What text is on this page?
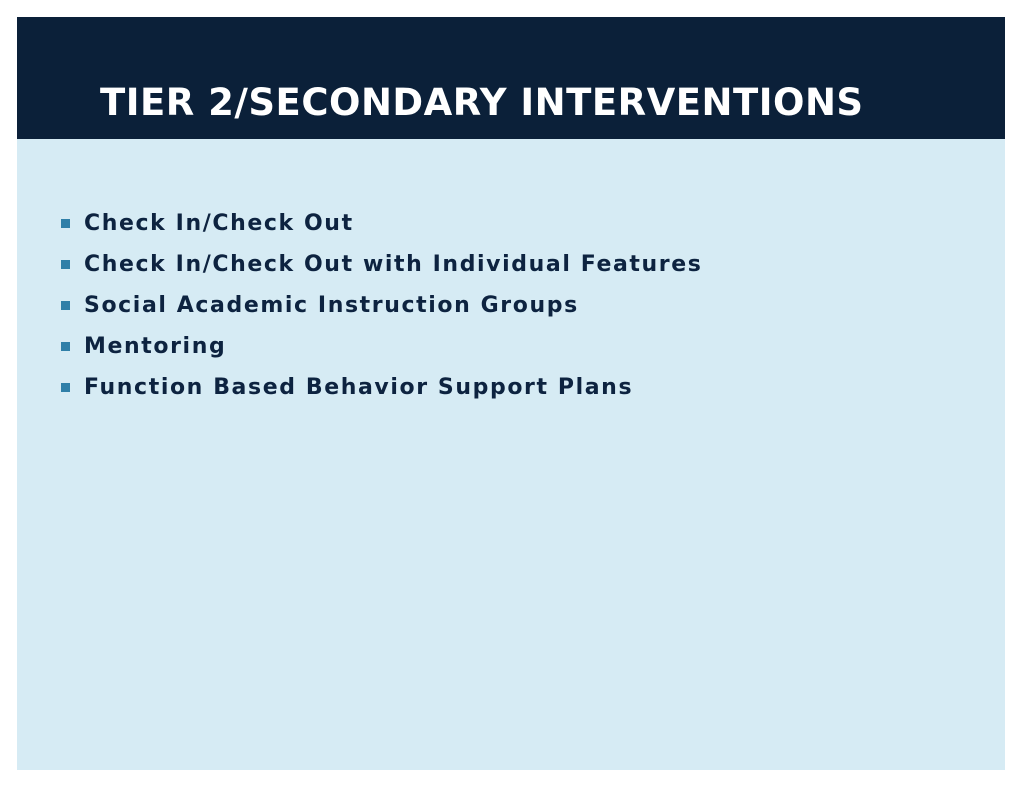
TIER 2/SECONDARY INTERVENTIONS
Check In/Check Out
Check In/Check Out with Individual Features
Social Academic Instruction Groups
Mentoring
Function Based Behavior Support Plans
